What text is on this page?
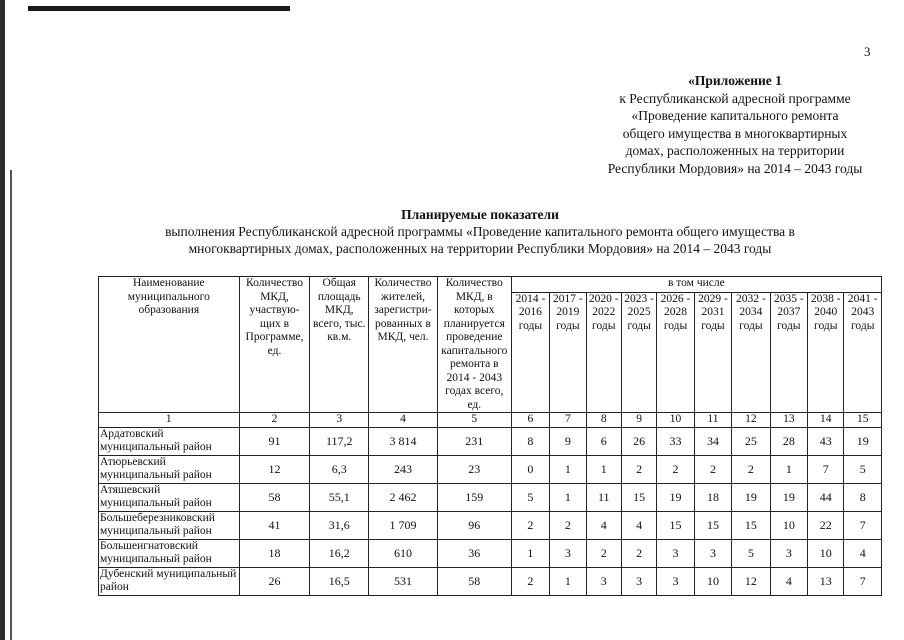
3
«Приложение 1
к Республиканской адресной программе
«Проведение капитального ремонта
общего имущества в многоквартирных
домах, расположенных на территории
Республики Мордовия» на 2014 – 2043 годы
Планируемые показатели
выполнения Республиканской адресной программы «Проведение капитального ремонта общего имущества в
многоквартирных домах, расположенных на территории Республики Мордовия» на 2014 – 2043 годы
Наименование муниципального образования	Количество МКД, участвую-щих в Программе, ед.	Общая площадь МКД, всего, тыс. кв.м.	Количество жителей, зарегистри-рованных в МКД, чел.	Количество МКД, в которых планируется проведение капитального ремонта в 2014 - 2043 годах всего, ед.	в том числе									
					2014 - 2016 годы	2017 - 2019 годы	2020 - 2022 годы	2023 - 2025 годы	2026 - 2028 годы	2029 - 2031 годы	2032 - 2034 годы	2035 - 2037 годы	2038 - 2040 годы	2041 - 2043 годы
1	2	3	4	5	6	7	8	9	10	11	12	13	14	15
Ардатовский муниципальный район	91	117,2	3 814	231	8	9	6	26	33	34	25	28	43	19
Атюрьевский муниципальный район	12	6,3	243	23	0	1	1	2	2	2	2	1	7	5
Атяшевский муниципальный район	58	55,1	2 462	159	5	1	11	15	19	18	19	19	44	8
Большеберезниковский муниципальный район	41	31,6	1 709	96	2	2	4	4	15	15	15	10	22	7
Большеигнатовский муниципальный район	18	16,2	610	36	1	3	2	2	3	3	5	3	10	4
Дубенский муниципальный район	26	16,5	531	58	2	1	3	3	3	10	12	4	13	7
